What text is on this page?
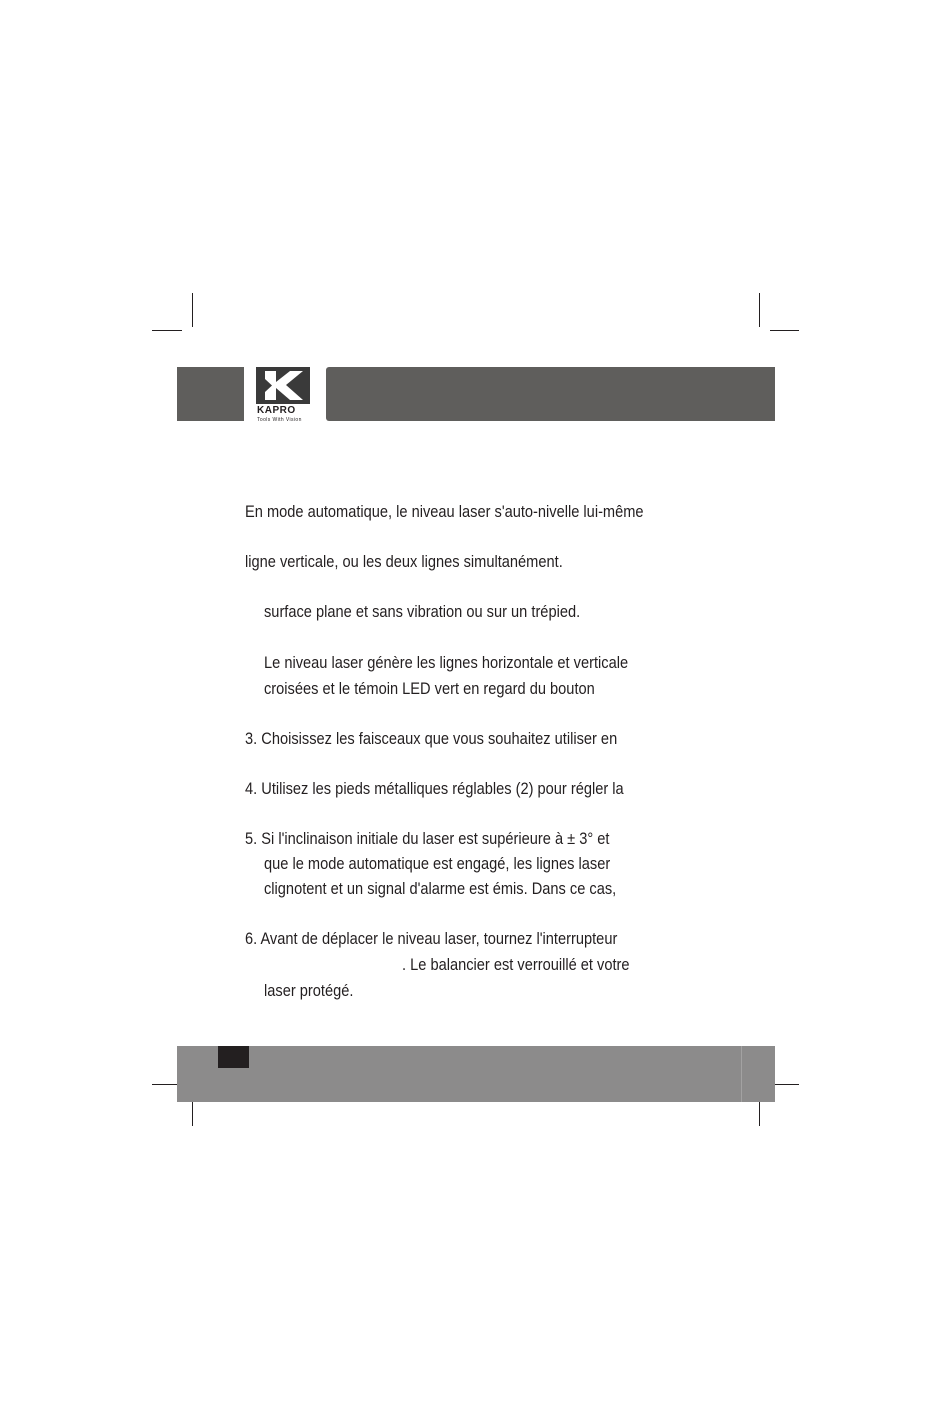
KAPRO
Tools With Vision
En mode automatique, le niveau laser s'auto-nivelle lui-même
ligne verticale, ou les deux lignes simultanément.
surface plane et sans vibration ou sur un trépied.
Le niveau laser génère les lignes horizontale et verticale
croisées et le témoin LED vert en regard du bouton
3. Choisissez les faisceaux que vous souhaitez utiliser en
4. Utilisez les pieds métalliques réglables (2) pour régler la
5. Si l'inclinaison initiale du laser est supérieure à ± 3° et
que le mode automatique est engagé, les lignes laser
clignotent et un signal d'alarme est émis. Dans ce cas,
6. Avant de déplacer le niveau laser, tournez l'interrupteur
. Le balancier est verrouillé et votre
laser protégé.
